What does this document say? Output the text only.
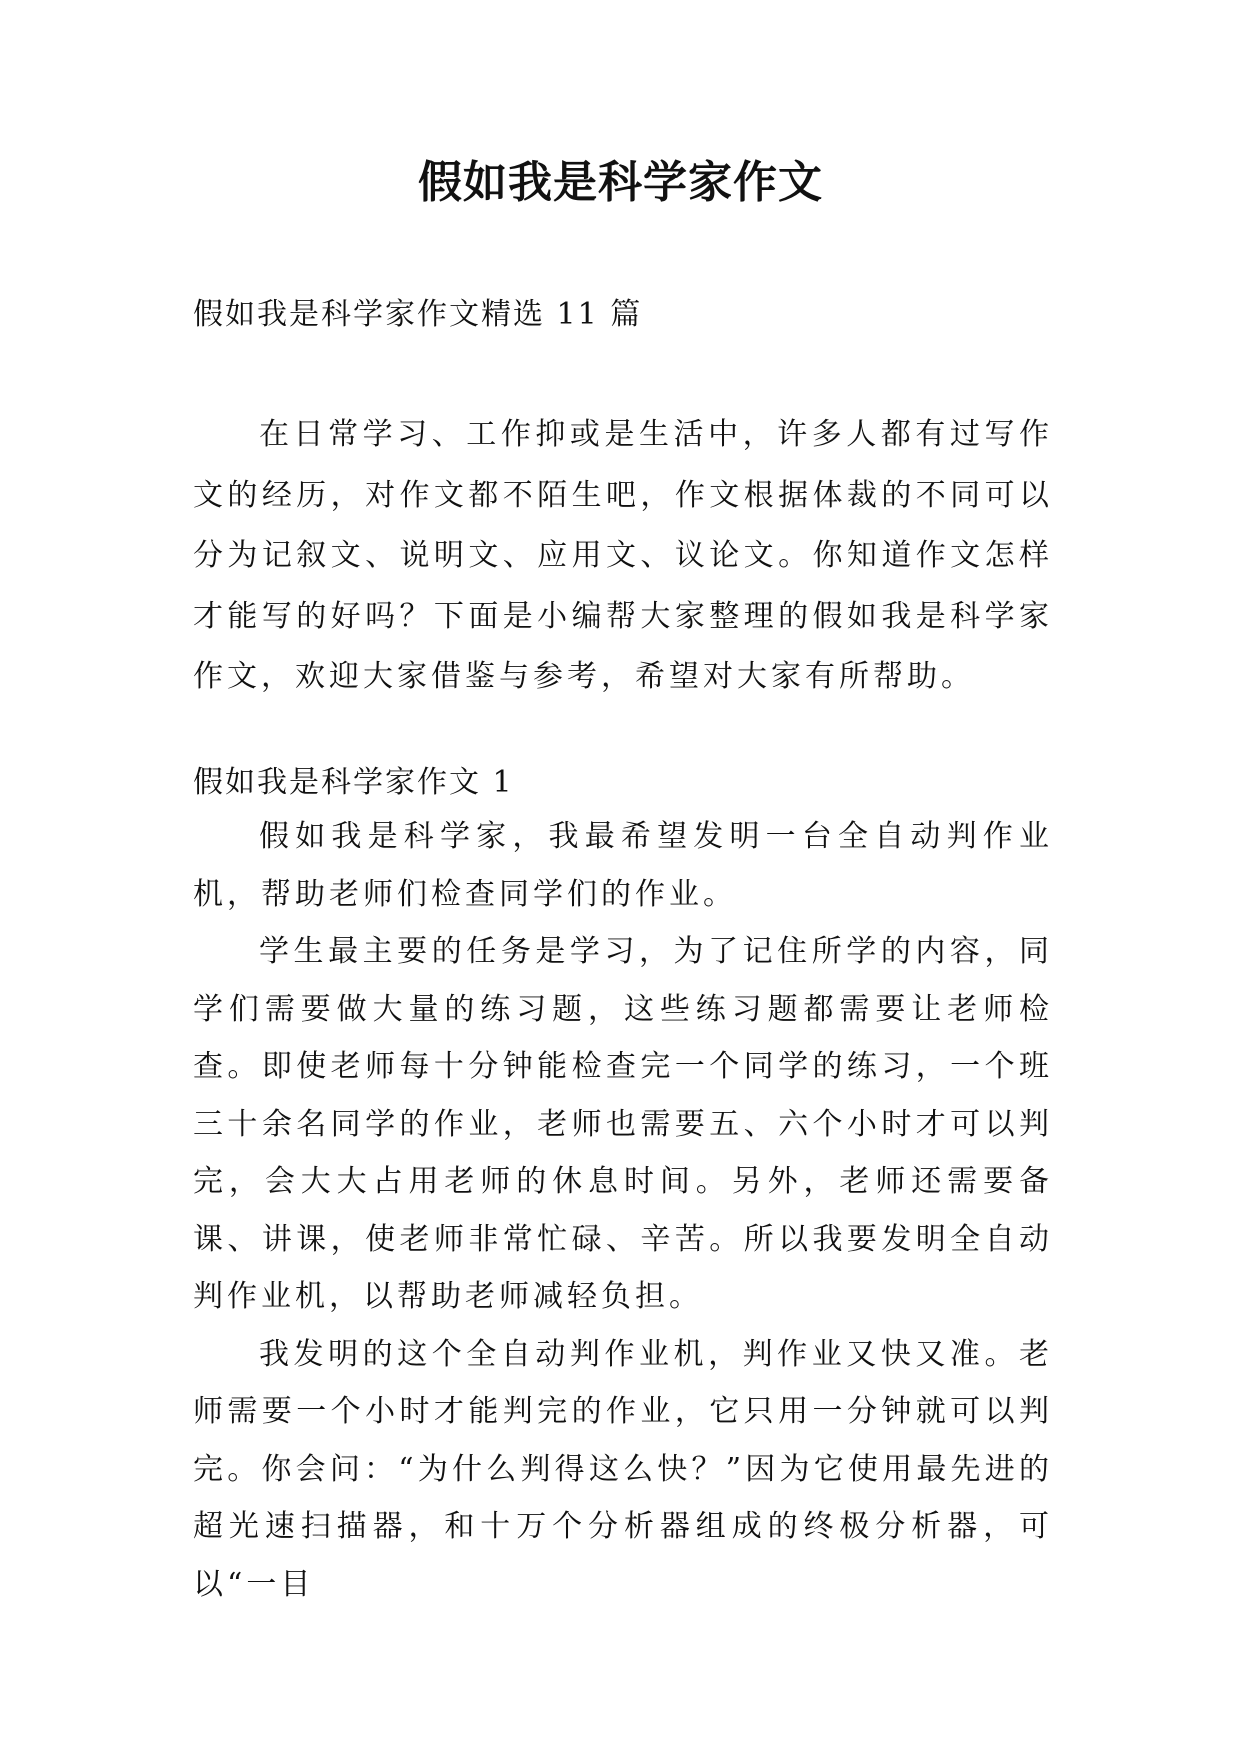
假如我是科学家作文
假如我是科学家作文精选 11 篇

在日常学习、工作抑或是生活中，许多人都有过写作文的经历，对作文都不陌生吧，作文根据体裁的不同可以分为记叙文、说明文、应用文、议论文。你知道作文怎样才能写的好吗？下面是小编帮大家整理的假如我是科学家作文，欢迎大家借鉴与参考，希望对大家有所帮助。

假如我是科学家作文 1

假如我是科学家，我最希望发明一台全自动判作业机，帮助老师们检查同学们的作业。

学生最主要的任务是学习，为了记住所学的内容，同学们需要做大量的练习题，这些练习题都需要让老师检查。即使老师每十分钟能检查完一个同学的练习，一个班三十余名同学的作业，老师也需要五、六个小时才可以判完，会大大占用老师的休息时间。另外，老师还需要备课、讲课，使老师非常忙碌、辛苦。所以我要发明全自动判作业机，以帮助老师减轻负担。

我发明的这个全自动判作业机，判作业又快又准。老师需要一个小时才能判完的作业，它只用一分钟就可以判完。你会问：“为什么判得这么快？”因为它使用最先进的超光速扫描器，和十万个分析器组成的终极分析器，可以“一目
